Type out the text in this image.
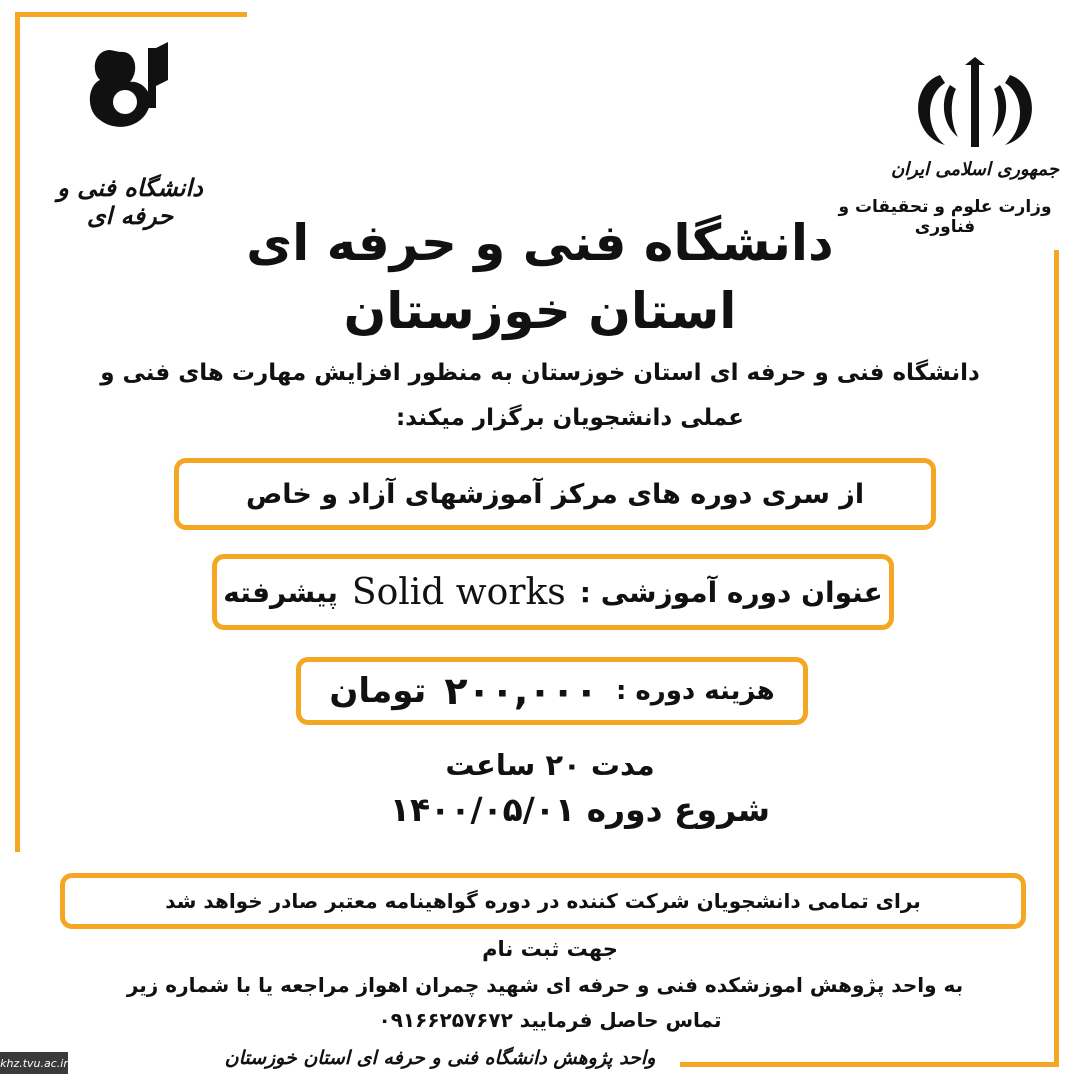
دانشگاه فنی و حرفه ای
جمهوری اسلامی ایران
وزارت علوم و تحقیقات و فناوری
دانشگاه فنی و حرفه ای
استان خوزستان
دانشگاه فنی و حرفه ای استان خوزستان به منظور افزایش مهارت های فنی و
عملی دانشجویان برگزار میکند:
از سری دوره های مرکز آموزشهای آزاد و خاص
عنوان دوره آموزشی :
Solid works
پیشرفته
هزینه دوره :
۲۰۰,۰۰۰
تومان
مدت ۲۰ ساعت
شروع دوره ۱۴۰۰/۰۵/۰۱
برای تمامی دانشجویان شرکت کننده در دوره گواهینامه معتبر صادر خواهد شد
جهت ثبت نام
به واحد پژوهش اموزشکده فنی و حرفه ای شهید چمران اهواز مراجعه یا با شماره زیر
تماس حاصل فرمایید ۰۹۱۶۶۲۵۷۶۷۲
khz.tvu.ac.ir	واحد پژوهش دانشگاه فنی و حرفه ای استان خوزستان
